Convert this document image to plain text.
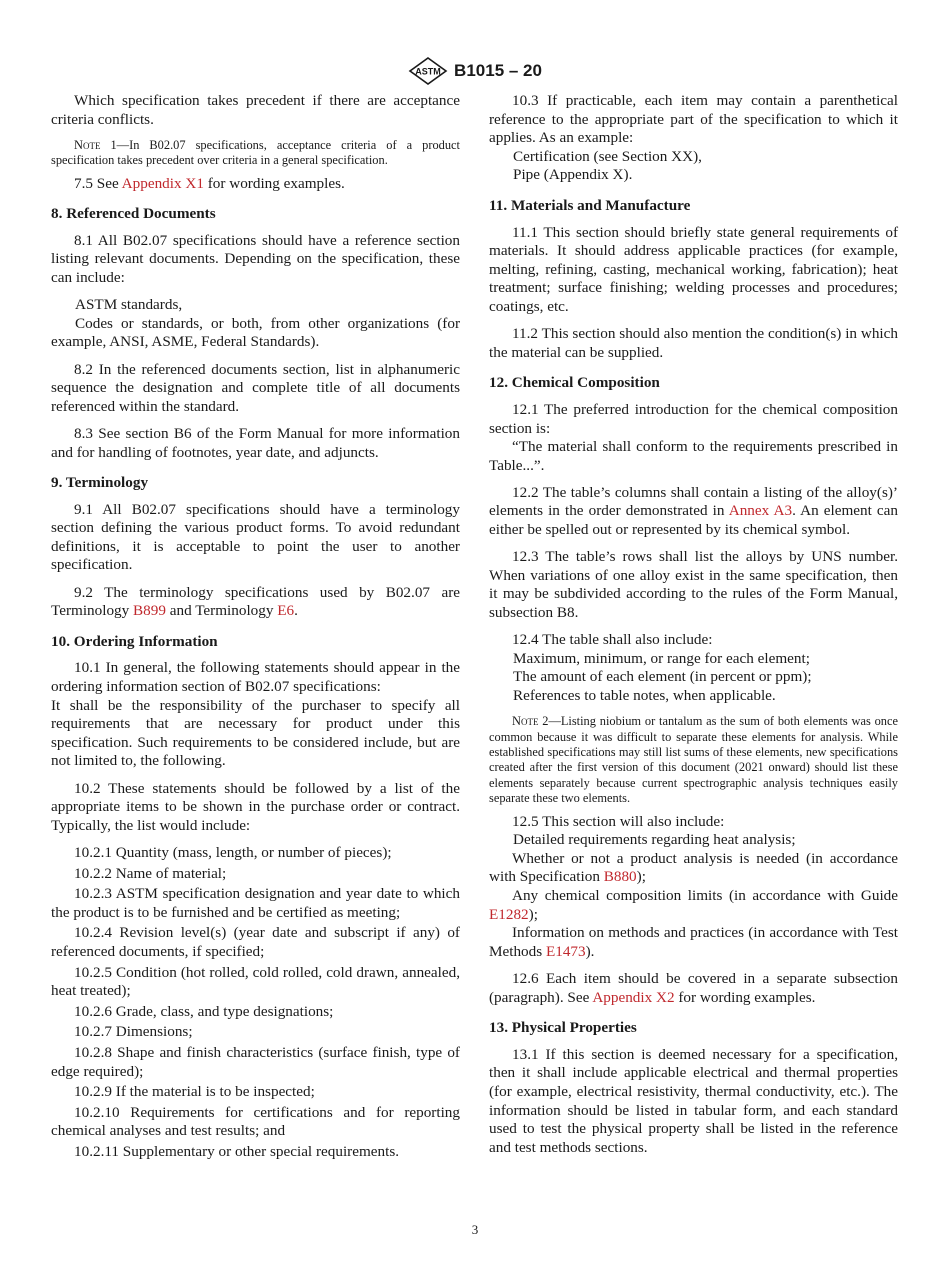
ASTM B1015 – 20

Which specification takes precedent if there are acceptance criteria conflicts.

Note 1—In B02.07 specifications, acceptance criteria of a product specification takes precedent over criteria in a general specification.

7.5 See Appendix X1 for wording examples.

8. Referenced Documents

8.1 All B02.07 specifications should have a reference section listing relevant documents. Depending on the specification, these can include:

ASTM standards,

Codes or standards, or both, from other organizations (for example, ANSI, ASME, Federal Standards).

8.2 In the referenced documents section, list in alphanumeric sequence the designation and complete title of all documents referenced within the standard.

8.3 See section B6 of the Form Manual for more information and for handling of footnotes, year date, and adjuncts.

9. Terminology

9.1 All B02.07 specifications should have a terminology section defining the various product forms. To avoid redundant definitions, it is acceptable to point the user to another specification.

9.2 The terminology specifications used by B02.07 are Terminology B899 and Terminology E6.

10. Ordering Information

10.1 In general, the following statements should appear in the ordering information section of B02.07 specifications:

It shall be the responsibility of the purchaser to specify all requirements that are necessary for product under this specification. Such requirements to be considered include, but are not limited to, the following.

10.2 These statements should be followed by a list of the appropriate items to be shown in the purchase order or contract. Typically, the list would include:

10.2.1 Quantity (mass, length, or number of pieces);

10.2.2 Name of material;

10.2.3 ASTM specification designation and year date to which the product is to be furnished and be certified as meeting;

10.2.4 Revision level(s) (year date and subscript if any) of referenced documents, if specified;

10.2.5 Condition (hot rolled, cold rolled, cold drawn, annealed, heat treated);

10.2.6 Grade, class, and type designations;

10.2.7 Dimensions;

10.2.8 Shape and finish characteristics (surface finish, type of edge required);

10.2.9 If the material is to be inspected;

10.2.10 Requirements for certifications and for reporting chemical analyses and test results; and

10.2.11 Supplementary or other special requirements.

10.3 If practicable, each item may contain a parenthetical reference to the appropriate part of the specification to which it applies. As an example:

Certification (see Section XX),

Pipe (Appendix X).

11. Materials and Manufacture

11.1 This section should briefly state general requirements of materials. It should address applicable practices (for example, melting, refining, casting, mechanical working, fabrication); heat treatment; surface finishing; welding processes and procedures; coatings, etc.

11.2 This section should also mention the condition(s) in which the material can be supplied.

12. Chemical Composition

12.1 The preferred introduction for the chemical composition section is:

“The material shall conform to the requirements prescribed in Table...”.

12.2 The table’s columns shall contain a listing of the alloy(s)’ elements in the order demonstrated in Annex A3. An element can either be spelled out or represented by its chemical symbol.

12.3 The table’s rows shall list the alloys by UNS number. When variations of one alloy exist in the same specification, then it may be subdivided according to the rules of the Form Manual, subsection B8.

12.4 The table shall also include:

Maximum, minimum, or range for each element;

The amount of each element (in percent or ppm);

References to table notes, when applicable.

Note 2—Listing niobium or tantalum as the sum of both elements was once common because it was difficult to separate these elements for analysis. While established specifications may still list sums of these elements, new specifications created after the first version of this document (2021 onward) should list these elements separately because current spectrographic analysis techniques easily separate these two elements.

12.5 This section will also include:

Detailed requirements regarding heat analysis;

Whether or not a product analysis is needed (in accordance with Specification B880);

Any chemical composition limits (in accordance with Guide E1282);

Information on methods and practices (in accordance with Test Methods E1473).

12.6 Each item should be covered in a separate subsection (paragraph). See Appendix X2 for wording examples.

13. Physical Properties

13.1 If this section is deemed necessary for a specification, then it shall include applicable electrical and thermal properties (for example, electrical resistivity, thermal conductivity, etc.). The information should be listed in tabular form, and each standard used to test the physical property shall be listed in the reference and test methods sections.

3
